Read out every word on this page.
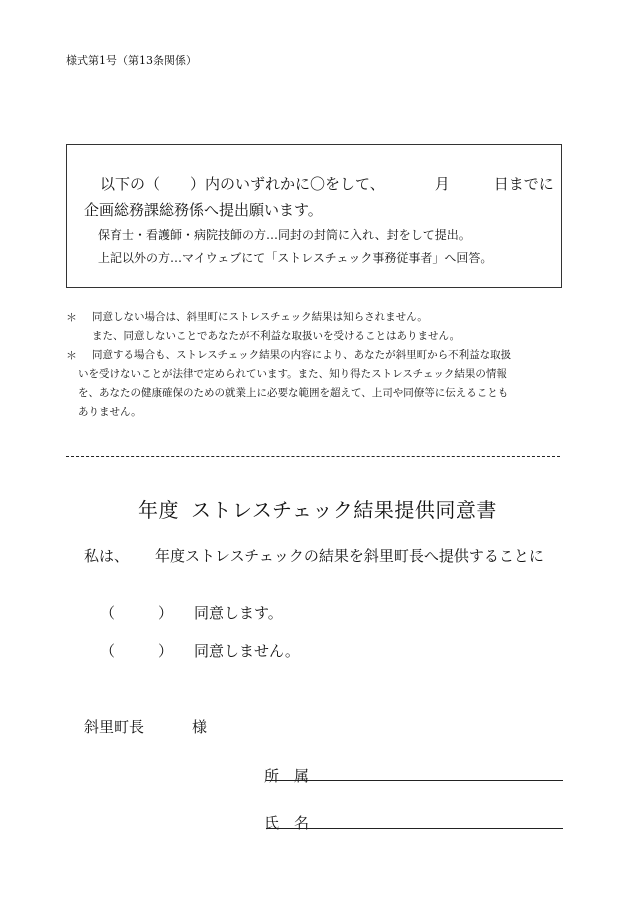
様式第1号（第13条関係）
以下の（　　）内のいずれかに〇をして、	月	日までに
企画総務課総務係へ提出願います。
保育士・看護師・病院技師の方…同封の封筒に入れ、封をして提出。
上記以外の方…マイウェブにて「ストレスチェック事務従事者」へ回答。
＊ 同意しない場合は、斜里町にストレスチェック結果は知らされません。
また、同意しないことであなたが不利益な取扱いを受けることはありません。
＊ 同意する場合も、ストレスチェック結果の内容により、あなたが斜里町から不利益な取扱
いを受けないことが法律で定められています。また、知り得たストレスチェック結果の情報
を、あなたの健康確保のための就業上に必要な範囲を超えて、上司や同僚等に伝えることも
ありません。
年度 ストレスチェック結果提供同意書
私は、 年度ストレスチェックの結果を斜里町長へ提供することに
（	） 同意します。
（	） 同意しません。
斜里町長	様
所 属
氏 名
